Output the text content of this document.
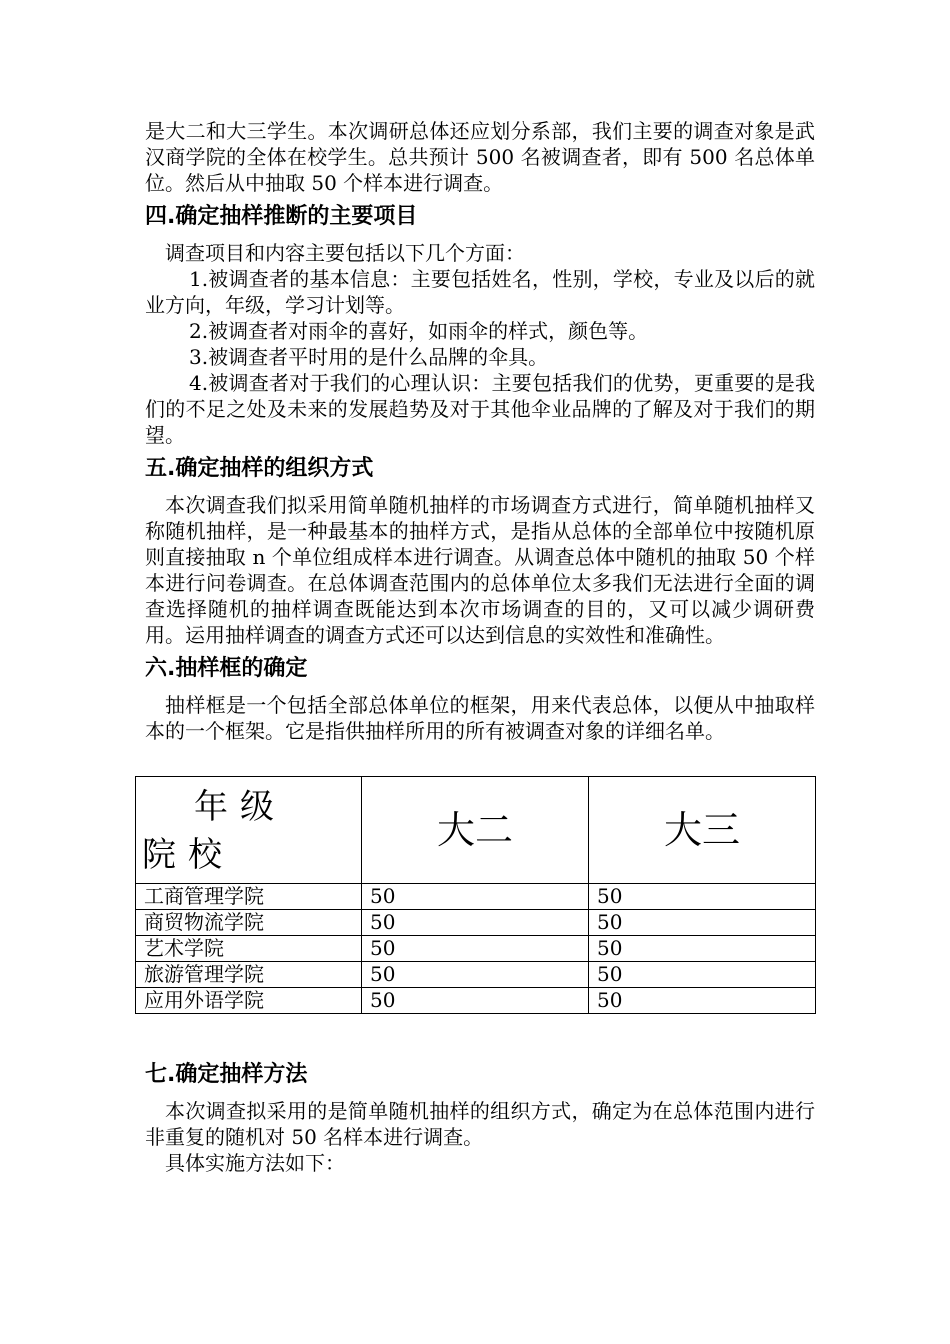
是大二和大三学生。本次调研总体还应划分系部，我们主要的调查对象是武汉商学院的全体在校学生。总共预计 500 名被调查者，即有 500 名总体单位。然后从中抽取 50 个样本进行调查。

四.确定抽样推断的主要项目

调查项目和内容主要包括以下几个方面：

1.被调查者的基本信息：主要包括姓名，性别，学校，专业及以后的就业方向，年级，学习计划等。

2.被调查者对雨伞的喜好，如雨伞的样式，颜色等。

3.被调查者平时用的是什么品牌的伞具。

4.被调查者对于我们的心理认识：主要包括我们的优势，更重要的是我们的不足之处及未来的发展趋势及对于其他伞业品牌的了解及对于我们的期望。

五.确定抽样的组织方式

本次调查我们拟采用简单随机抽样的市场调查方式进行，简单随机抽样又称随机抽样，是一种最基本的抽样方式，是指从总体的全部单位中按随机原则直接抽取 n 个单位组成样本进行调查。从调查总体中随机的抽取 50 个样本进行问卷调查。在总体调查范围内的总体单位太多我们无法进行全面的调查选择随机的抽样调查既能达到本次市场调查的目的，又可以减少调研费用。运用抽样调查的调查方式还可以达到信息的实效性和准确性。

六.抽样框的确定

抽样框是一个包括全部总体单位的框架，用来代表总体，以便从中抽取样本的一个框架。它是指供抽样所用的所有被调查对象的详细名单。

年级
院校	大二	大三
工商管理学院	50	50
商贸物流学院	50	50
艺术学院	50	50
旅游管理学院	50	50
应用外语学院	50	50
七.确定抽样方法

本次调查拟采用的是简单随机抽样的组织方式，确定为在总体范围内进行非重复的随机对 50 名样本进行调查。

具体实施方法如下：
